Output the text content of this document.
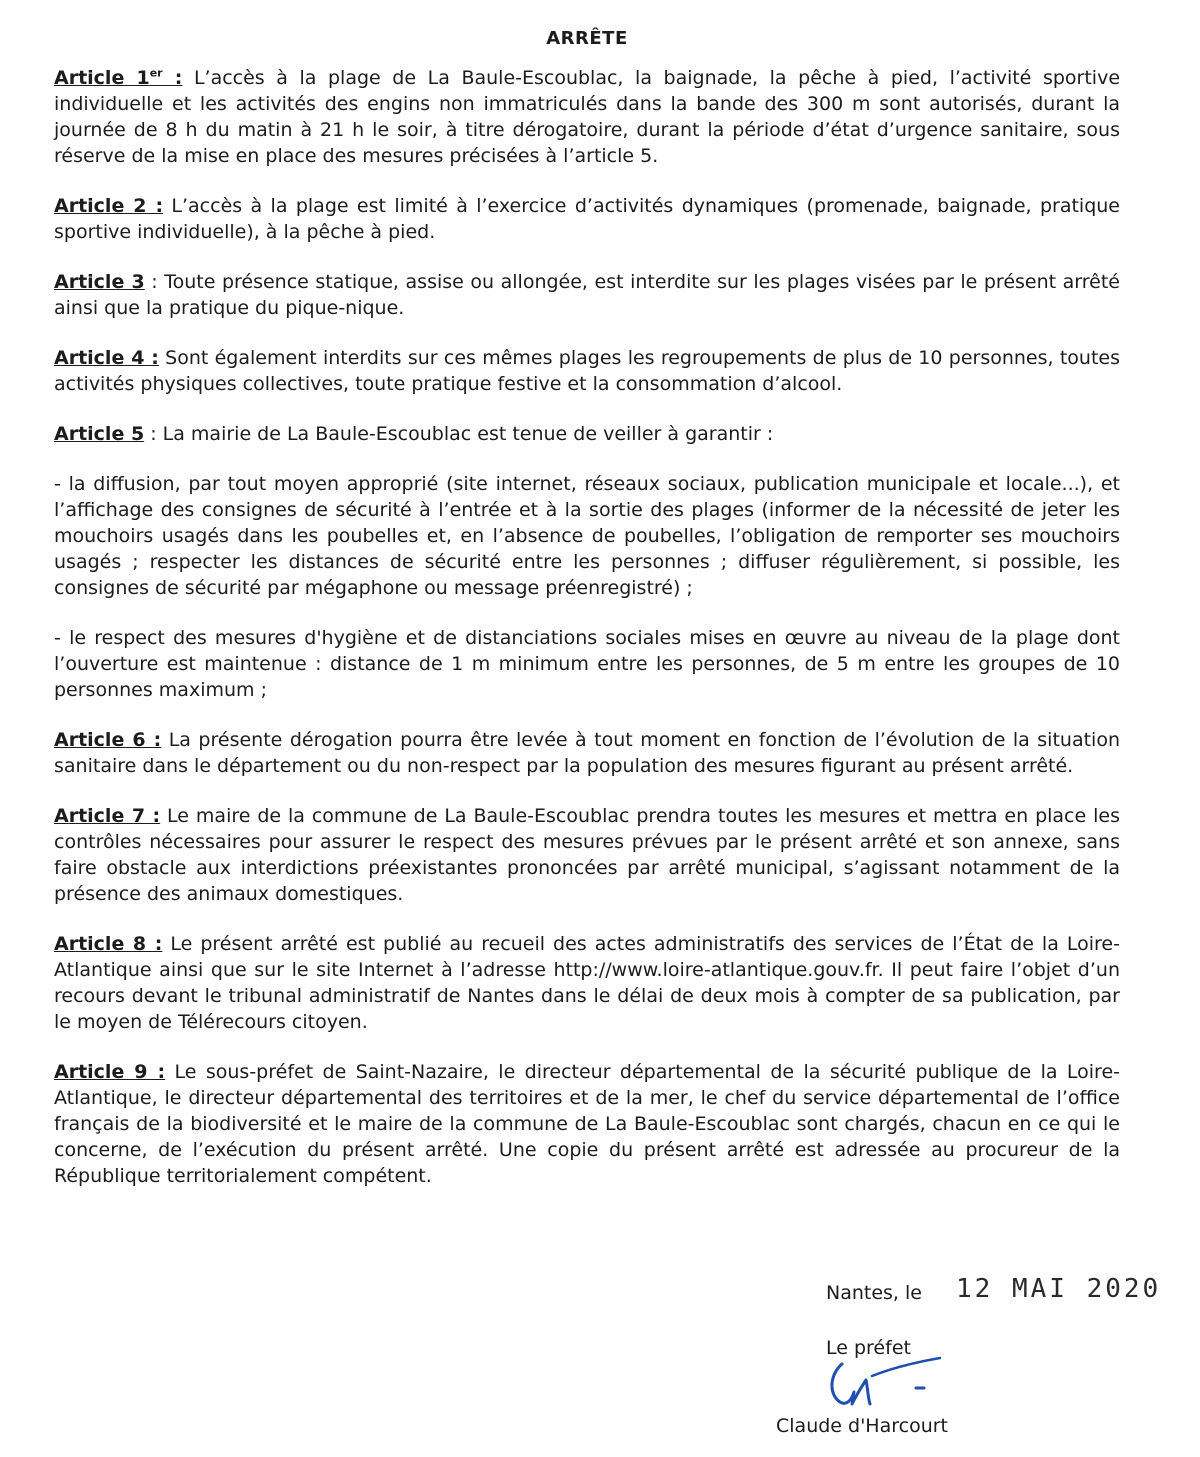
ARRÊTE

Article 1er : L’accès à la plage de La Baule-Escoublac, la baignade, la pêche à pied, l’activité sportive individuelle et les activités des engins non immatriculés dans la bande des 300 m sont autorisés, durant la journée de 8 h du matin à 21 h le soir, à titre dérogatoire, durant la période d’état d’urgence sanitaire, sous réserve de la mise en place des mesures précisées à l’article 5.

Article 2 : L’accès à la plage est limité à l’exercice d’activités dynamiques (promenade, baignade, pratique sportive individuelle), à la pêche à pied.

Article 3 : Toute présence statique, assise ou allongée, est interdite sur les plages visées par le présent arrêté ainsi que la pratique du pique-nique.

Article 4 : Sont également interdits sur ces mêmes plages les regroupements de plus de 10 personnes, toutes activités physiques collectives, toute pratique festive et la consommation d’alcool.

Article 5 : La mairie de La Baule-Escoublac est tenue de veiller à garantir :

- la diffusion, par tout moyen approprié (site internet, réseaux sociaux, publication municipale et locale...), et l’affichage des consignes de sécurité à l’entrée et à la sortie des plages (informer de la nécessité de jeter les mouchoirs usagés dans les poubelles et, en l’absence de poubelles, l’obligation de remporter ses mouchoirs usagés ; respecter les distances de sécurité entre les personnes ; diffuser régulièrement, si possible, les consignes de sécurité par mégaphone ou message préenregistré) ;

- le respect des mesures d'hygiène et de distanciations sociales mises en œuvre au niveau de la plage dont l’ouverture est maintenue : distance de 1 m minimum entre les personnes, de 5 m entre les groupes de 10 personnes maximum ;

Article 6 : La présente dérogation pourra être levée à tout moment en fonction de l’évolution de la situation sanitaire dans le département ou du non-respect par la population des mesures figurant au présent arrêté.

Article 7 : Le maire de la commune de La Baule-Escoublac prendra toutes les mesures et mettra en place les contrôles nécessaires pour assurer le respect des mesures prévues par le présent arrêté et son annexe, sans faire obstacle aux interdictions préexistantes prononcées par arrêté municipal, s’agissant notamment de la présence des animaux domestiques.

Article 8 : Le présent arrêté est publié au recueil des actes administratifs des services de l’État de la Loire-Atlantique ainsi que sur le site Internet à l’adresse http://www.loire-atlantique.gouv.fr. Il peut faire l’objet d’un recours devant le tribunal administratif de Nantes dans le délai de deux mois à compter de sa publication, par le moyen de Télérecours citoyen.

Article 9 : Le sous-préfet de Saint-Nazaire, le directeur départemental de la sécurité publique de la Loire-Atlantique, le directeur départemental des territoires et de la mer, le chef du service départemental de l’office français de la biodiversité et le maire de la commune de La Baule-Escoublac sont chargés, chacun en ce qui le concerne, de l’exécution du présent arrêté. Une copie du présent arrêté est adressée au procureur de la République territorialement compétent.

Nantes, le 12 MAI 2020
Le préfet
Claude d'Harcourt
